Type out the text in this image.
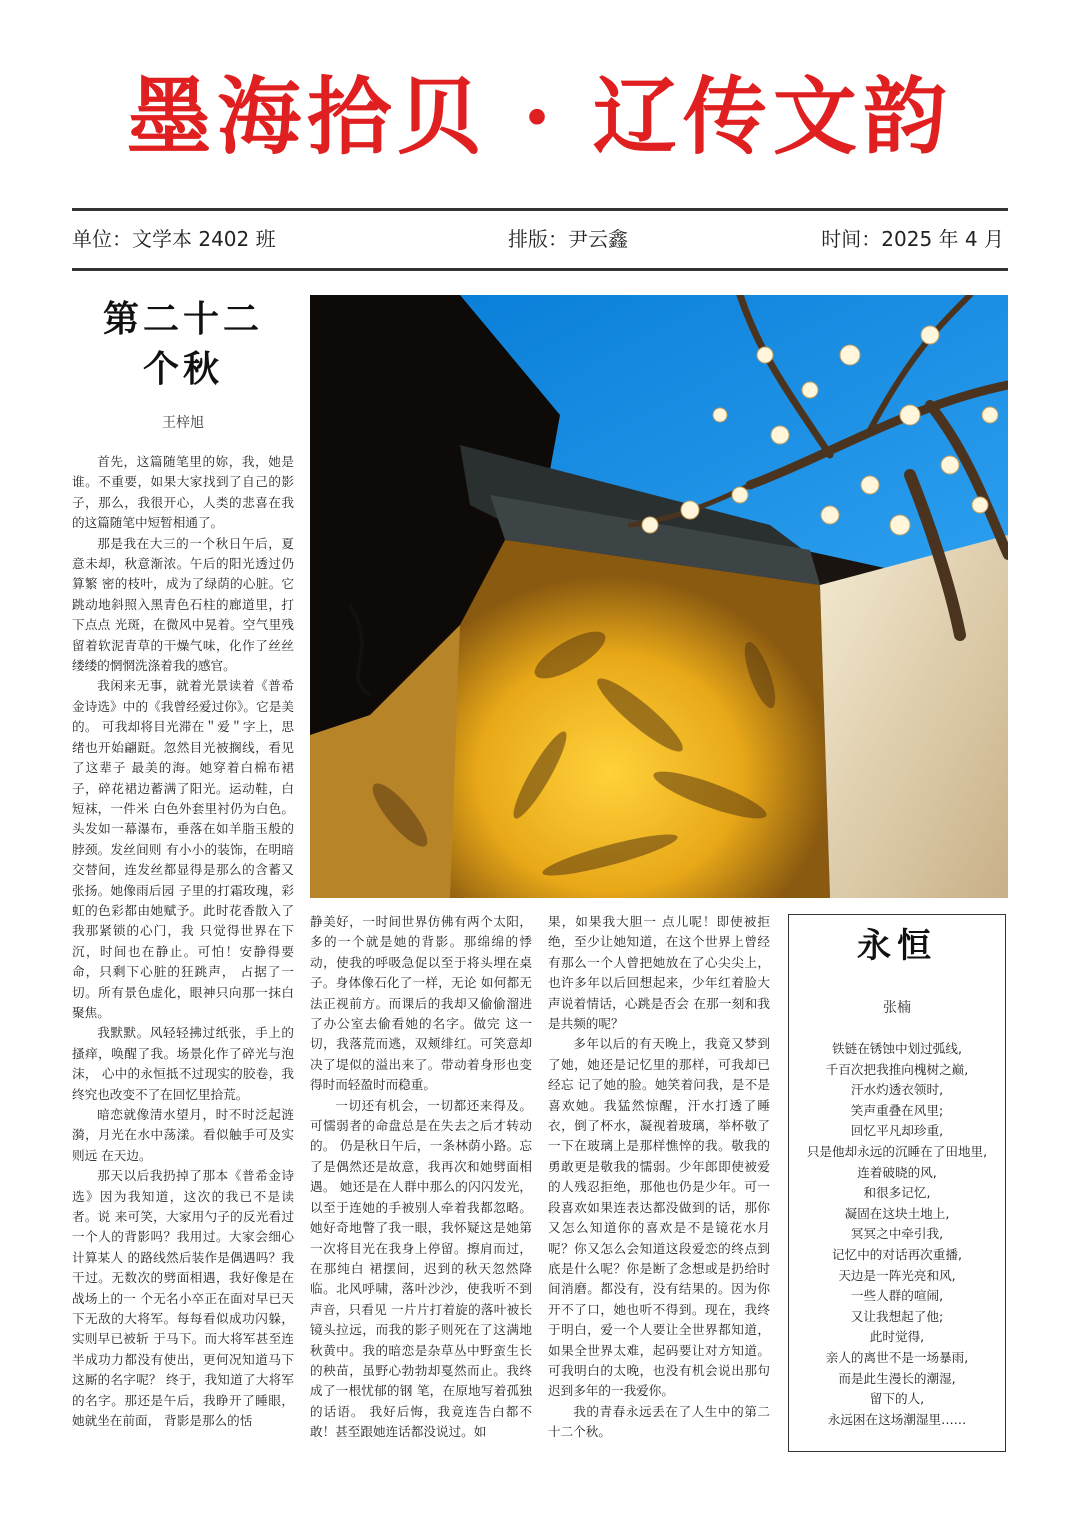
墨海拾贝 · 辽传文韵
单位：文学本 2402 班	排版：尹云鑫	时间：2025 年 4 月
第二十二
个秋
王梓旭

首先，这篇随笔里的妳，我，她是谁。不重要，如果大家找到了自己的影子，那么，我很开心，人类的悲喜在我的这篇随笔中短暂相通了。

那是我在大三的一个秋日午后，夏意未却，秋意渐浓。午后的阳光透过仍算繁 密的枝叶，成为了绿荫的心脏。它跳动地斜照入黑青色石柱的廊道里，打下点点 光斑，在微风中晃着。空气里残留着软泥青草的干燥气味，化作了丝丝缕缕的惘惘洗涤着我的感官。

我闲来无事，就着光景读着《普希金诗选》中的《我曾经爱过你》。它是美的。 可我却将目光滞在＂爱＂字上，思绪也开始翩跹。忽然目光被搁线，看见了这辈子 最美的海。她穿着白棉布裙子，碎花裙边蓄满了阳光。运动鞋，白短袜，一件米 白色外套里衬仍为白色。头发如一幕瀑布，垂落在如羊脂玉般的脖颈。发丝间则 有小小的装饰，在明暗交替间，连发丝都显得是那么的含蓄又张扬。她像雨后园 子里的打霜玫瑰，彩虹的色彩都由她赋予。此时花香散入了我那紧锁的心门，我 只觉得世界在下沉，时间也在静止。可怕！安静得要命，只剩下心脏的狂跳声， 占据了一切。所有景色虚化，眼神只向那一抹白聚焦。

我默默。风轻轻拂过纸张，手上的搔痒，唤醒了我。场景化作了碎光与泡沫， 心中的永恒抵不过现实的胶卷，我终究也改变不了在回忆里拾荒。

暗恋就像清水望月，时不时泛起涟漪，月光在水中荡漾。看似触手可及实则远 在天边。

那天以后我扔掉了那本《普希金诗选》因为我知道，这次的我已不是读者。说 来可笑，大家用勺子的反光看过一个人的背影吗？我用过。大家会细心计算某人 的路线然后装作是偶遇吗？我干过。无数次的劈面相遇，我好像是在战场上的一 个无名小卒正在面对早已天下无敌的大将军。每每看似成功闪躲，实则早已被斩 于马下。而大将军甚至连半成功力都没有使出，更何况知道马下这厮的名字呢？ 终于，我知道了大将军的名字。那还是午后，我睁开了睡眼，她就坐在前面， 背影是那么的恬

静美好，一时间世界仿佛有两个太阳，多的一个就是她的背影。那绵绵的悸动，使我的呼吸急促以至于将头埋在桌子。身体像石化了一样，无论 如何都无法正视前方。而课后的我却又偷偷溜进了办公室去偷看她的名字。做完 这一切，我落荒而逃，双颊绯红。可笑意却决了堤似的溢出来了。带动着身形也变得时而轻盈时而稳重。

一切还有机会，一切都还来得及。可懦弱者的命盘总是在失去之后才转动的。 仍是秋日午后，一条林荫小路。忘了是偶然还是故意，我再次和她劈面相遇。 她还是在人群中那么的闪闪发光，以至于连她的手被别人牵着我都忽略。她好奇地瞥了我一眼，我怀疑这是她第一次将目光在我身上停留。擦肩而过，在那纯白 裙摆间，迟到的秋天忽然降临。北风呼啸，落叶沙沙，使我听不到声音，只看见 一片片打着旋的落叶被长镜头拉远，而我的影子则死在了这满地秋黄中。我的暗恋是杂草丛中野蛮生长的秧苗，虽野心勃勃却戛然而止。我终成了一根忧郁的钢 笔，在原地写着孤独的话语。 我好后悔，我竟连告白都不敢！甚至跟她连话都没说过。如

果，如果我大胆一 点儿呢！即使被拒绝，至少让她知道，在这个世界上曾经有那么一个人曾把她放在了心尖尖上，也许多年以后回想起来，少年红着脸大声说着情话，心跳是否会 在那一刻和我是共频的呢？

多年以后的有天晚上，我竟又梦到了她，她还是记忆里的那样，可我却已经忘 记了她的脸。她笑着问我，是不是喜欢她。我猛然惊醒，汗水打透了睡衣，倒了杯水，凝视着玻璃，举杯敬了一下在玻璃上是那样憔悴的我。敬我的勇敢更是敬我的懦弱。少年郎即使被爱的人残忍拒绝，那他也仍是少年。可一段喜欢如果连表达都没做到的话，那你又怎么知道你的喜欢是不是镜花水月呢？你又怎么会知道这段爱恋的终点到底是什么呢？你是断了念想或是扔给时间消磨。都没有，没有结果的。因为你开不了口，她也听不得到。现在，我终于明白，爱一个人要让全世界都知道，如果全世界太难，起码要让对方知道。可我明白的太晚，也没有机会说出那句迟到多年的一我爱你。

我的青春永远丢在了人生中的第二十二个秋。

永恒
张楠
铁链在锈蚀中划过弧线,
千百次把我推向槐树之巅,
汗水灼透衣领时,
笑声重叠在风里;
回忆平凡却珍重,
只是他却永远的沉睡在了田地里,
连着破晓的风,
和很多记忆,
凝固在这块土地上,
冥冥之中牵引我,
记忆中的对话再次重播,
天边是一阵光亮和风,
一些人群的喧闹,
又让我想起了他;
此时觉得,
亲人的离世不是一场暴雨,
而是此生漫长的潮湿,
留下的人,
永远困在这场潮湿里……
